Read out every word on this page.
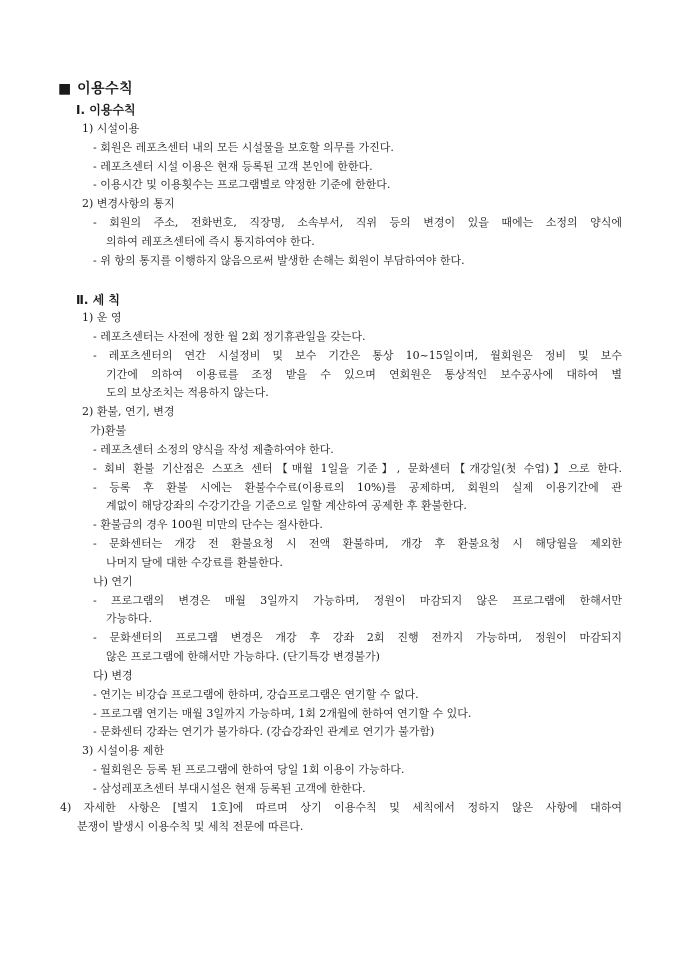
■ 이용수칙
Ⅰ. 이용수칙
1) 시설이용
- 회원은 레포츠센터 내의 모든 시설물을 보호할 의무를 가진다.
- 레포츠센터 시설 이용은 현재 등록된 고객 본인에 한한다.
- 이용시간 및 이용횟수는 프로그램별로 약정한 기준에 한한다.
2) 변경사항의 통지
- 회원의 주소, 전화번호, 직장명, 소속부서, 직위 등의 변경이 있을 때에는 소정의 양식에
의하여 레포츠센터에 즉시 통지하여야 한다.
- 위 항의 통지를 이행하지 않음으로써 발생한 손해는 회원이 부담하여야 한다.
Ⅱ. 세 칙
1) 운 영
- 레포츠센터는 사전에 정한 월 2회 정기휴관일을 갖는다.
- 레포츠센터의 연간 시설정비 및 보수 기간은 통상 10~15일이며, 월회원은 정비 및 보수
기간에 의하여 이용료를 조정 받을 수 있으며 연회원은 통상적인 보수공사에 대하여 별
도의 보상조치는 적용하지 않는다.
2) 환불, 연기, 변경
가)환불
- 레포츠센터 소정의 양식을 작성 제출하여야 한다.
- 회비 환불 기산점은 스포츠 센터【매월 1일을 기준】, 문화센터【개강일(첫 수업)】으로 한다.
- 등록 후 환불 시에는 환불수수료(이용료의 10%)를 공제하며, 회원의 실제 이용기간에 관
계없이 해당강좌의 수강기간을 기준으로 일할 계산하여 공제한 후 환불한다.
- 환불금의 경우 100원 미만의 단수는 절사한다.
- 문화센터는 개강 전 환불요청 시 전액 환불하며, 개강 후 환불요청 시 해당월을 제외한
나머지 달에 대한 수강료를 환불한다.
나) 연기
- 프로그램의 변경은 매월 3일까지 가능하며, 정원이 마감되지 않은 프로그램에 한해서만
가능하다.
- 문화센터의 프로그램 변경은 개강 후 강좌 2회 진행 전까지 가능하며, 정원이 마감되지
않은 프로그램에 한해서만 가능하다. (단기특강 변경불가)
다) 변경
- 연기는 비강습 프로그램에 한하며, 강습프로그램은 연기할 수 없다.
- 프로그램 연기는 매월 3일까지 가능하며, 1회 2개월에 한하여 연기할 수 있다.
- 문화센터 강좌는 연기가 불가하다. (강습강좌인 관계로 연기가 불가함)
3) 시설이용 제한
- 월회원은 등록 된 프로그램에 한하여 당일 1회 이용이 가능하다.
- 삼성레포츠센터 부대시설은 현재 등록된 고객에 한한다.
4) 자세한 사항은 [별지 1호]에 따르며 상기 이용수칙 및 세칙에서 정하지 않은 사항에 대하여
분쟁이 발생시 이용수칙 및 세칙 전문에 따른다.
